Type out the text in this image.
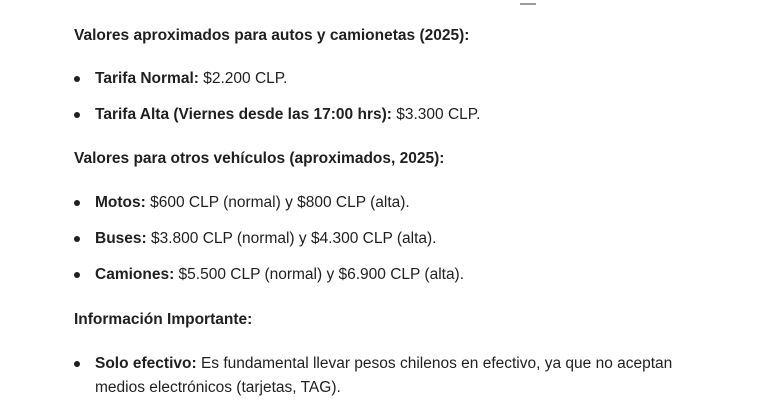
Valores aproximados para autos y camionetas (2025):
Tarifa Normal: $2.200 CLP.
Tarifa Alta (Viernes desde las 17:00 hrs): $3.300 CLP.
Valores para otros vehículos (aproximados, 2025):
Motos: $600 CLP (normal) y $800 CLP (alta).
Buses: $3.800 CLP (normal) y $4.300 CLP (alta).
Camiones: $5.500 CLP (normal) y $6.900 CLP (alta).
Información Importante:
Solo efectivo: Es fundamental llevar pesos chilenos en efectivo, ya que no aceptan medios electrónicos (tarjetas, TAG).
